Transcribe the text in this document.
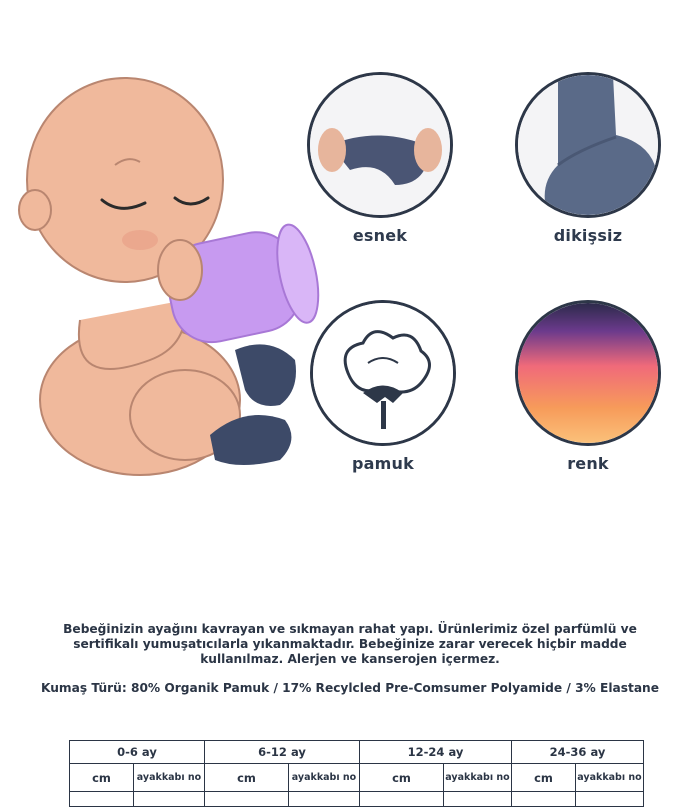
esnek	dikişsiz
pamuk	renk
Bebeğinizin ayağını kavrayan ve sıkmayan rahat yapı. Ürünlerimiz özel parfümlü ve sertifikalı yumuşatıcılarla yıkanmaktadır. Bebeğinize zarar verecek hiçbir madde kullanılmaz. Alerjen ve kanserojen içermez.
Kumaş Türü: 80% Organik Pamuk / 17% Recylcled Pre-Comsumer Polyamide / 3% Elastane
0-6 ay		6-12 ay		12-24 ay		24-36 ay	
cm	ayakkabı no	cm	ayakkabı no	cm	ayakkabı no	cm	ayakkabı no
